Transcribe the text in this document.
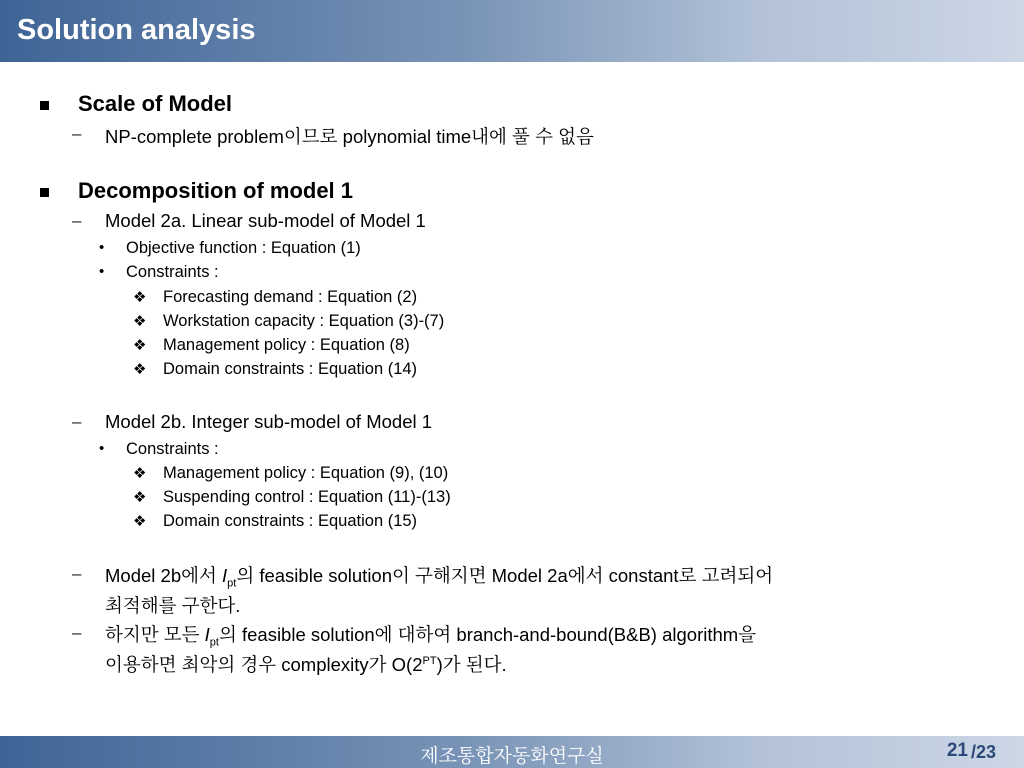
Solution analysis
Scale of Model
– NP-complete problem이므로 polynomial time내에 풀 수 없음
Decomposition of model 1
– Model 2a. Linear sub-model of Model 1
• Objective function : Equation (1)
• Constraints :
❖ Forecasting demand : Equation (2)
❖ Workstation capacity : Equation (3)-(7)
❖ Management policy : Equation (8)
❖ Domain constraints : Equation (14)
– Model 2b. Integer sub-model of Model 1
• Constraints :
❖ Management policy : Equation (9), (10)
❖ Suspending control : Equation (11)-(13)
❖ Domain constraints : Equation (15)
– Model 2b에서 $I_{pt}$의 feasible solution이 구해지면 Model 2a에서 constant로 고려되어
최적해를 구한다.
– 하지만 모든 $I_{pt}$의 feasible solution에 대하여 branch-and-bound(B&B) algorithm을
이용하면 최악의 경우 complexity가 $O(2^{PT})$가 된다.
제조통합자동화연구실	21 /23
